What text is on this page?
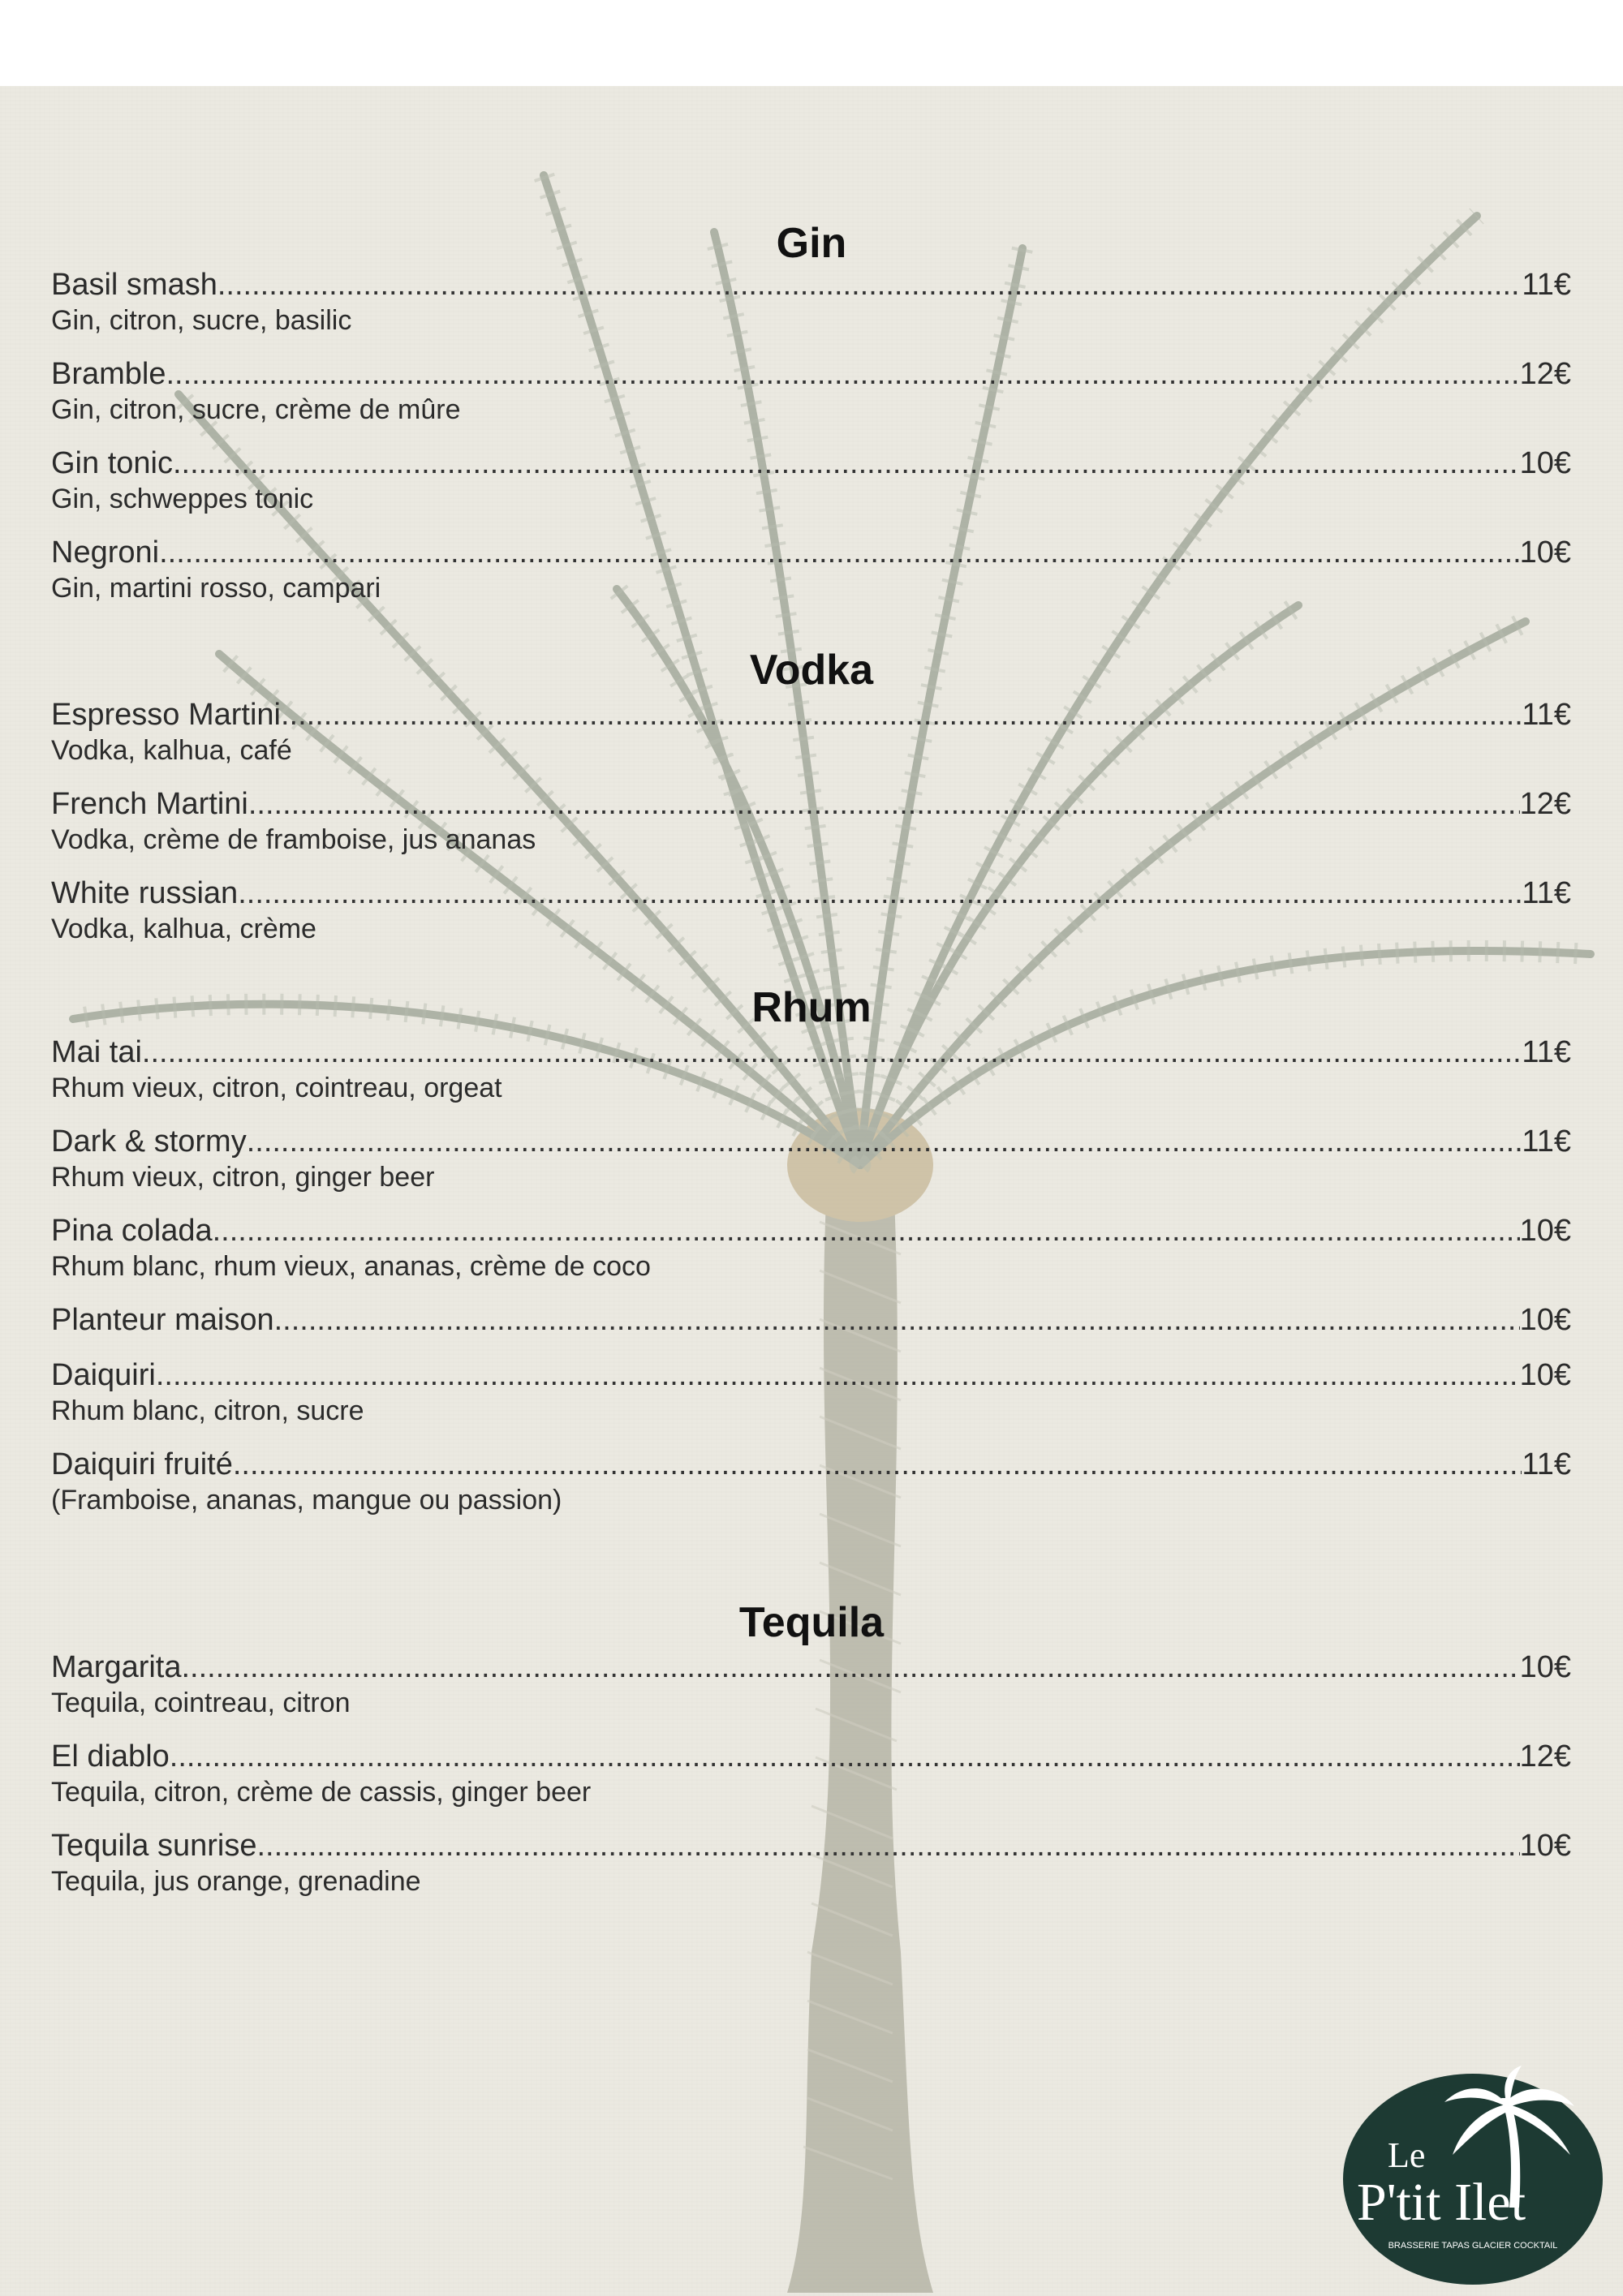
Gin
Basil smash .....	11€
Gin, citron, sucre, basilic
Bramble .....	12€
Gin, citron, sucre, crème de mûre
Gin tonic. .....	10€
Gin, schweppes tonic
Negroni. .....	10€
Gin, martini rosso, campari
Vodka
Espresso Martini .....	11€
Vodka, kalhua, café
French Martini .....	12€
Vodka, crème de framboise, jus ananas
White russian .....	11€
Vodka, kalhua, crème
Rhum
Mai tai .....	11€
Rhum vieux, citron, cointreau, orgeat
Dark & stormy .....	11€
Rhum vieux, citron, ginger beer
Pina colada .....	10€
Rhum blanc, rhum vieux, ananas, crème de coco
Planteur maison .....	10€
Daiquiri .....	10€
Rhum blanc, citron, sucre
Daiquiri fruité .....	11€
(Framboise, ananas, mangue ou passion)
Tequila
Margarita .....	10€
Tequila, cointreau, citron
El diablo .....	12€
Tequila, citron, crème de cassis, ginger beer
Tequila sunrise .....	10€
Tequila, jus orange, grenadine
Le
P'tit Ilet
BRASSERIE TAPAS GLACIER COCKTAIL
